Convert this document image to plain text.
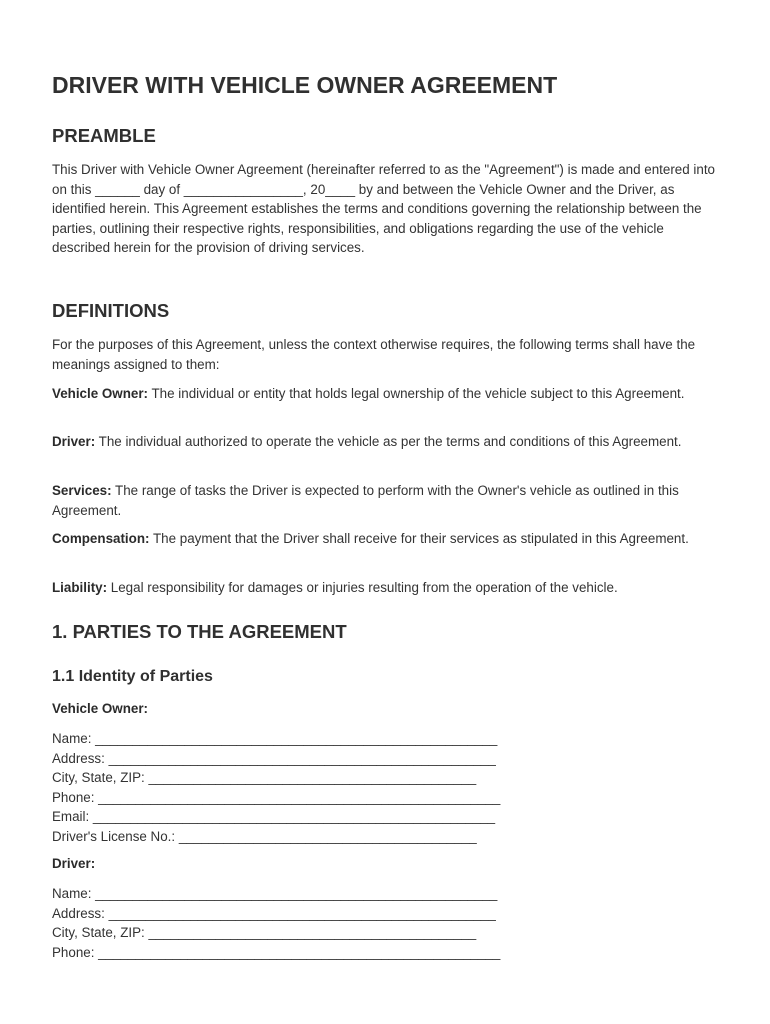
DRIVER WITH VEHICLE OWNER AGREEMENT
PREAMBLE

This Driver with Vehicle Owner Agreement (hereinafter referred to as the "Agreement") is made and entered into on this ______ day of ________________, 20____ by and between the Vehicle Owner and the Driver, as identified herein. This Agreement establishes the terms and conditions governing the relationship between the parties, outlining their respective rights, responsibilities, and obligations regarding the use of the vehicle described herein for the provision of driving services.

DEFINITIONS

For the purposes of this Agreement, unless the context otherwise requires, the following terms shall have the meanings assigned to them:

Vehicle Owner: The individual or entity that holds legal ownership of the vehicle subject to this Agreement.

Driver: The individual authorized to operate the vehicle as per the terms and conditions of this Agreement.

Services: The range of tasks the Driver is expected to perform with the Owner's vehicle as outlined in this Agreement.

Compensation: The payment that the Driver shall receive for their services as stipulated in this Agreement.

Liability: Legal responsibility for damages or injuries resulting from the operation of the vehicle.

1. PARTIES TO THE AGREEMENT
1.1 Identity of Parties

Vehicle Owner:

Name: ______________________________________________________
Address: ____________________________________________________
City, State, ZIP: ____________________________________________
Phone: ______________________________________________________
Email: ______________________________________________________
Driver's License No.: ________________________________________

Driver:

Name: ______________________________________________________
Address: ____________________________________________________
City, State, ZIP: ____________________________________________
Phone: ______________________________________________________
